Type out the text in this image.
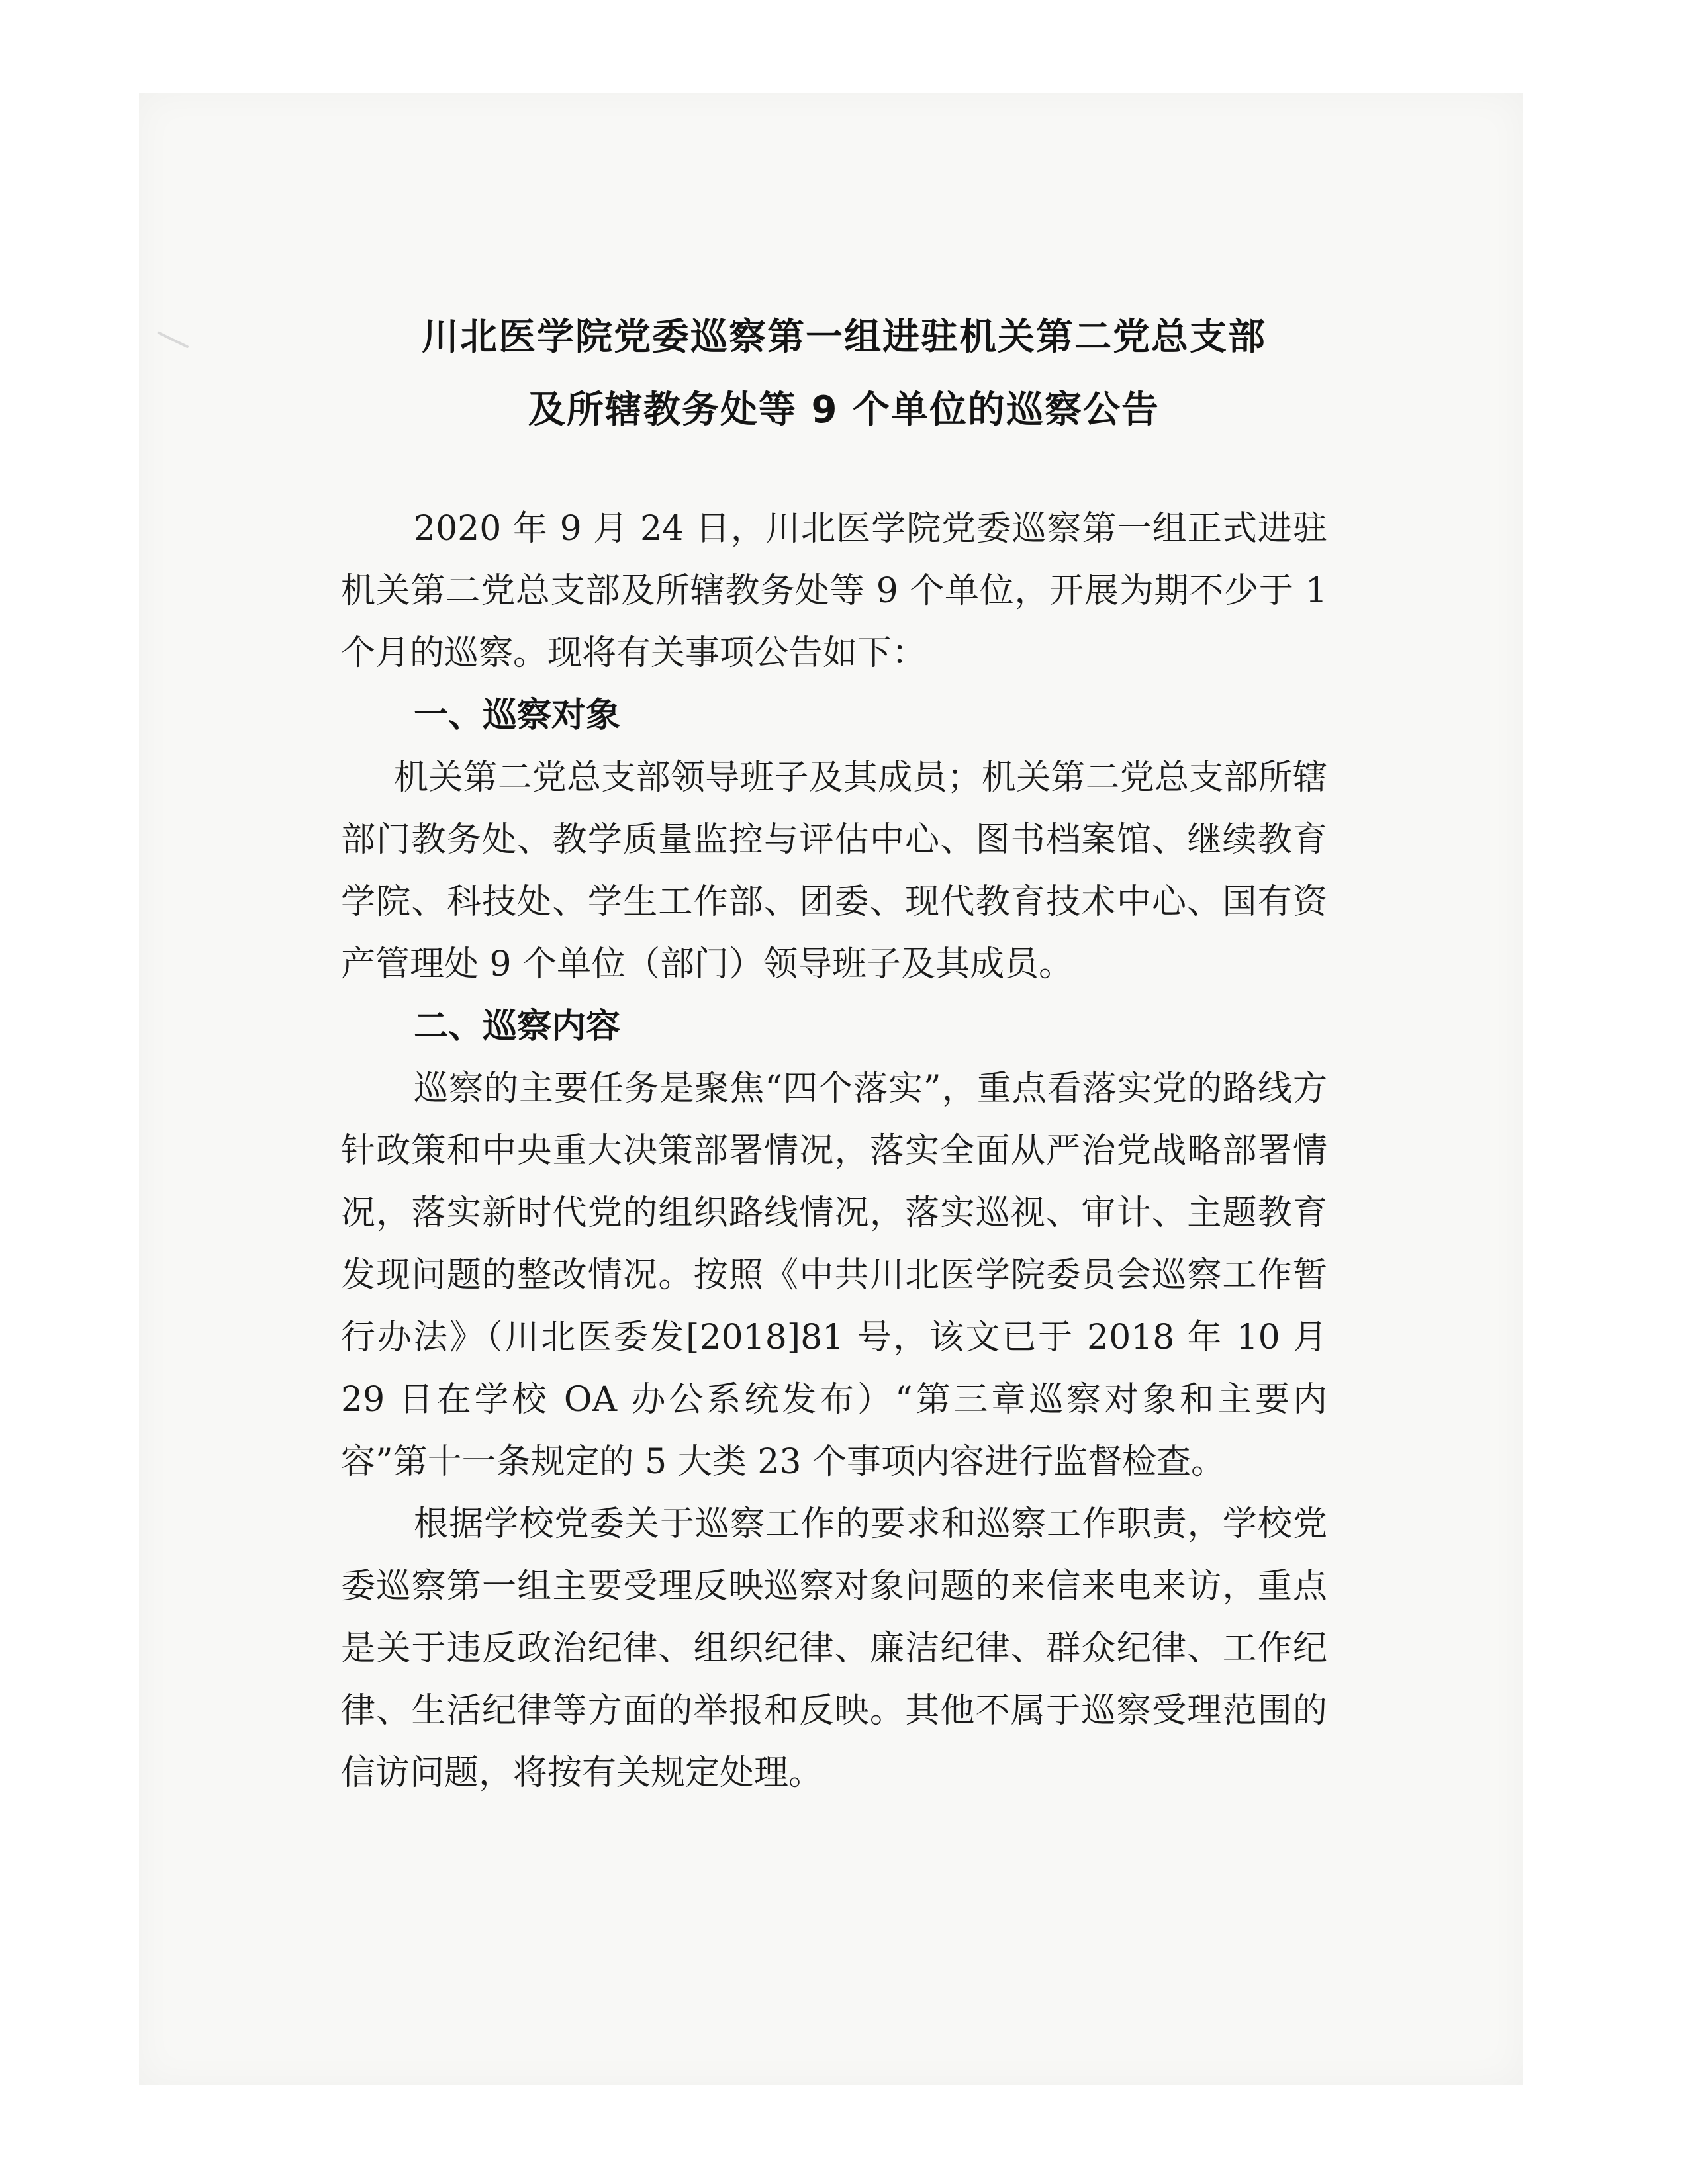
川北医学院党委巡察第一组进驻机关第二党总支部
及所辖教务处等 9 个单位的巡察公告

2020 年 9 月 24 日，川北医学院党委巡察第一组正式进驻机关第二党总支部及所辖教务处等 9 个单位，开展为期不少于 1 个月的巡察。现将有关事项公告如下：

一、巡察对象

机关第二党总支部领导班子及其成员；机关第二党总支部所辖部门教务处、教学质量监控与评估中心、图书档案馆、继续教育学院、科技处、学生工作部、团委、现代教育技术中心、国有资产管理处 9 个单位（部门）领导班子及其成员。

二、巡察内容

巡察的主要任务是聚焦“四个落实”，重点看落实党的路线方针政策和中央重大决策部署情况，落实全面从严治党战略部署情况，落实新时代党的组织路线情况，落实巡视、审计、主题教育发现问题的整改情况。按照《中共川北医学院委员会巡察工作暂行办法》（川北医委发[2018]81 号，该文已于 2018 年 10 月 29 日在学校 OA 办公系统发布）“第三章巡察对象和主要内容”第十一条规定的 5 大类 23 个事项内容进行监督检查。

根据学校党委关于巡察工作的要求和巡察工作职责，学校党委巡察第一组主要受理反映巡察对象问题的来信来电来访，重点是关于违反政治纪律、组织纪律、廉洁纪律、群众纪律、工作纪律、生活纪律等方面的举报和反映。其他不属于巡察受理范围的信访问题，将按有关规定处理。
